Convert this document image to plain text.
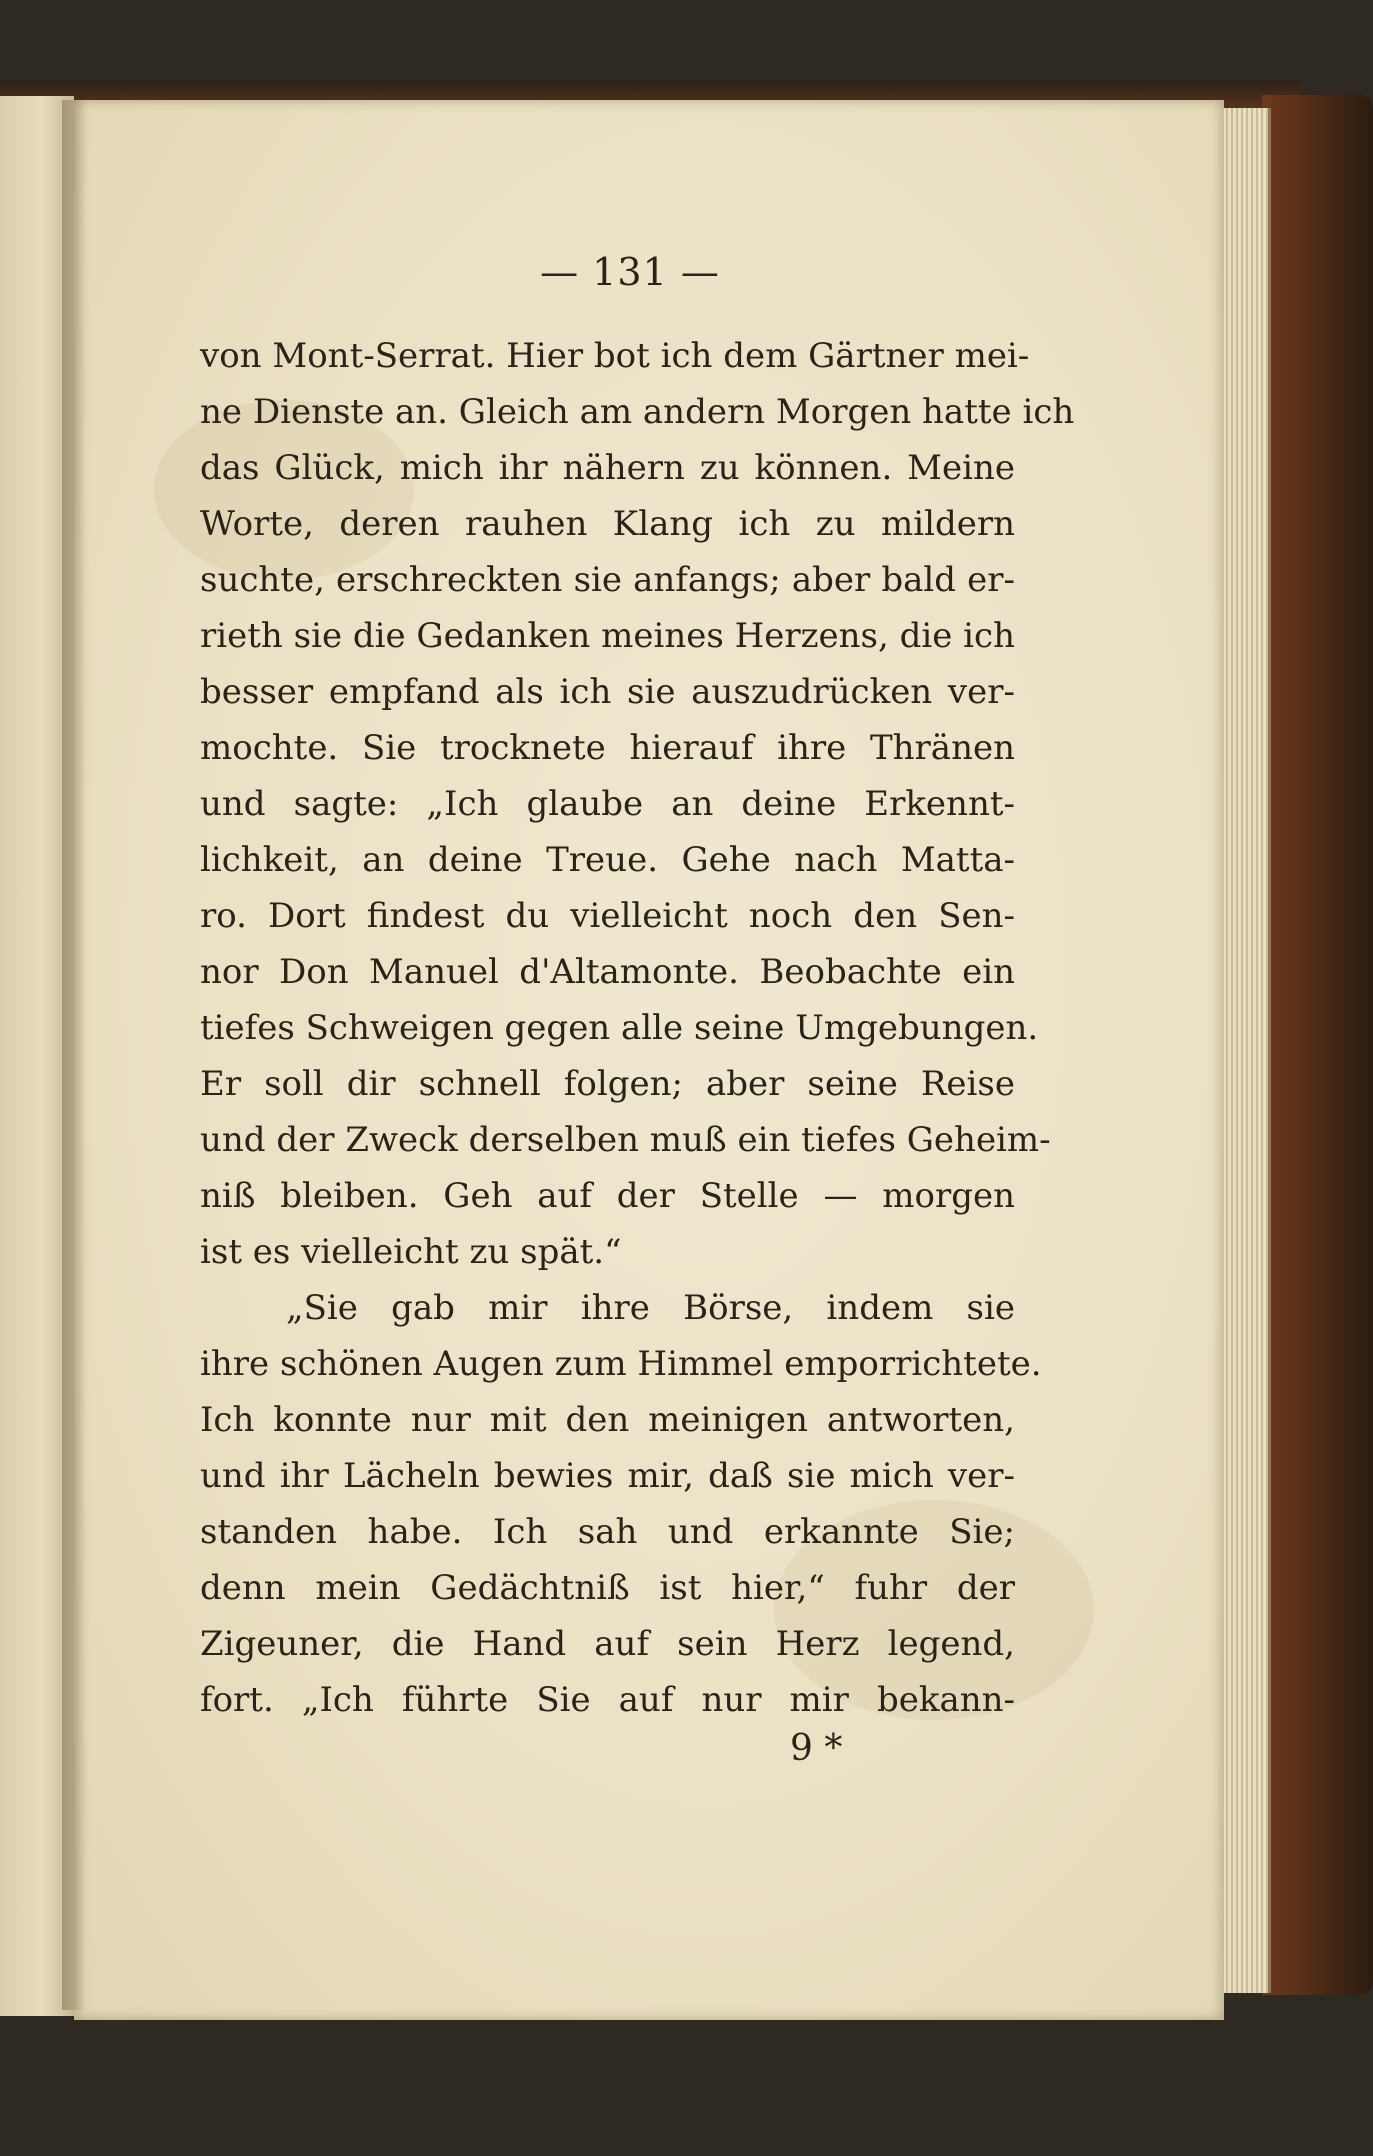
— 131 —
von Mont-Serrat. Hier bot ich dem Gärtner mei-
ne Dienste an. Gleich am andern Morgen hatte ich
das Glück, mich ihr nähern zu können. Meine
Worte, deren rauhen Klang ich zu mildern
suchte, erschreckten sie anfangs; aber bald er-
rieth sie die Gedanken meines Herzens, die ich
besser empfand als ich sie auszudrücken ver-
mochte. Sie trocknete hierauf ihre Thränen
und sagte: „Ich glaube an deine Erkennt-
lichkeit, an deine Treue. Gehe nach Matta-
ro. Dort findest du vielleicht noch den Sen-
nor Don Manuel d'Altamonte. Beobachte ein
tiefes Schweigen gegen alle seine Umgebungen.
Er soll dir schnell folgen; aber seine Reise
und der Zweck derselben muß ein tiefes Geheim-
niß bleiben. Geh auf der Stelle — morgen
ist es vielleicht zu spät.“
„Sie gab mir ihre Börse, indem sie
ihre schönen Augen zum Himmel emporrichtete.
Ich konnte nur mit den meinigen antworten,
und ihr Lächeln bewies mir, daß sie mich ver-
standen habe. Ich sah und erkannte Sie;
denn mein Gedächtniß ist hier,“ fuhr der
Zigeuner, die Hand auf sein Herz legend,
fort. „Ich führte Sie auf nur mir bekann-
9 *
